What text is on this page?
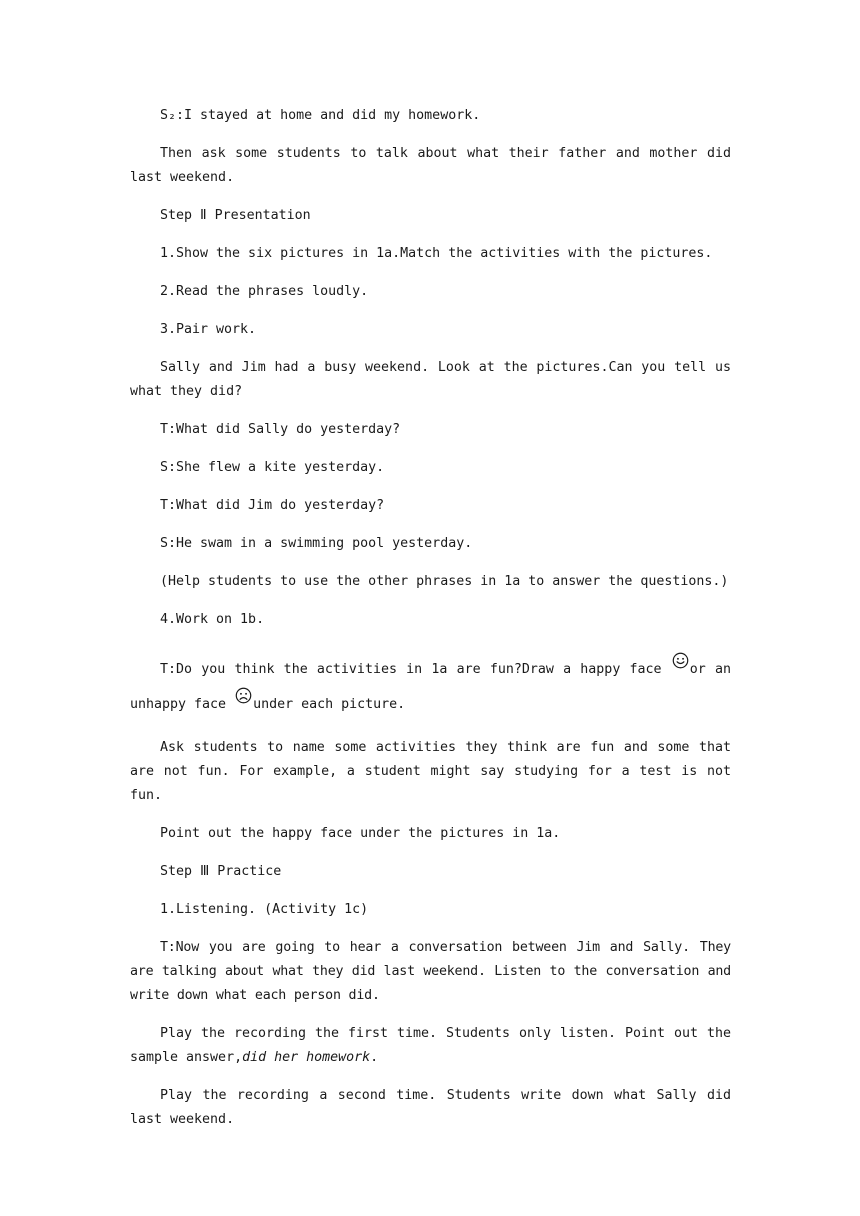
S₂:I stayed at home and did my homework.

Then ask some students to talk about what their father and mother did last weekend.

Step Ⅱ Presentation

1.Show the six pictures in 1a.Match the activities with the pictures.

2.Read the phrases loudly.

3.Pair work.

Sally and Jim had a busy weekend. Look at the pictures.Can you tell us what they did?

T:What did Sally do yesterday?

S:She flew a kite yesterday.

T:What did Jim do yesterday?

S:He swam in a swimming pool yesterday.

(Help students to use the other phrases in 1a to answer the questions.)

4.Work on 1b.

T:Do you think the activities in 1a are fun?Draw a happy face or an unhappy face under each picture.

Ask students to name some activities they think are fun and some that are not fun. For example, a student might say studying for a test is not fun.

Point out the happy face under the pictures in 1a.

Step Ⅲ Practice

1.Listening. (Activity 1c)

T:Now you are going to hear a conversation between Jim and Sally. They are talking about what they did last weekend. Listen to the conversation and write down what each person did.

Play the recording the first time. Students only listen. Point out the sample answer,did her homework.

Play the recording a second time. Students write down what Sally did last weekend.
